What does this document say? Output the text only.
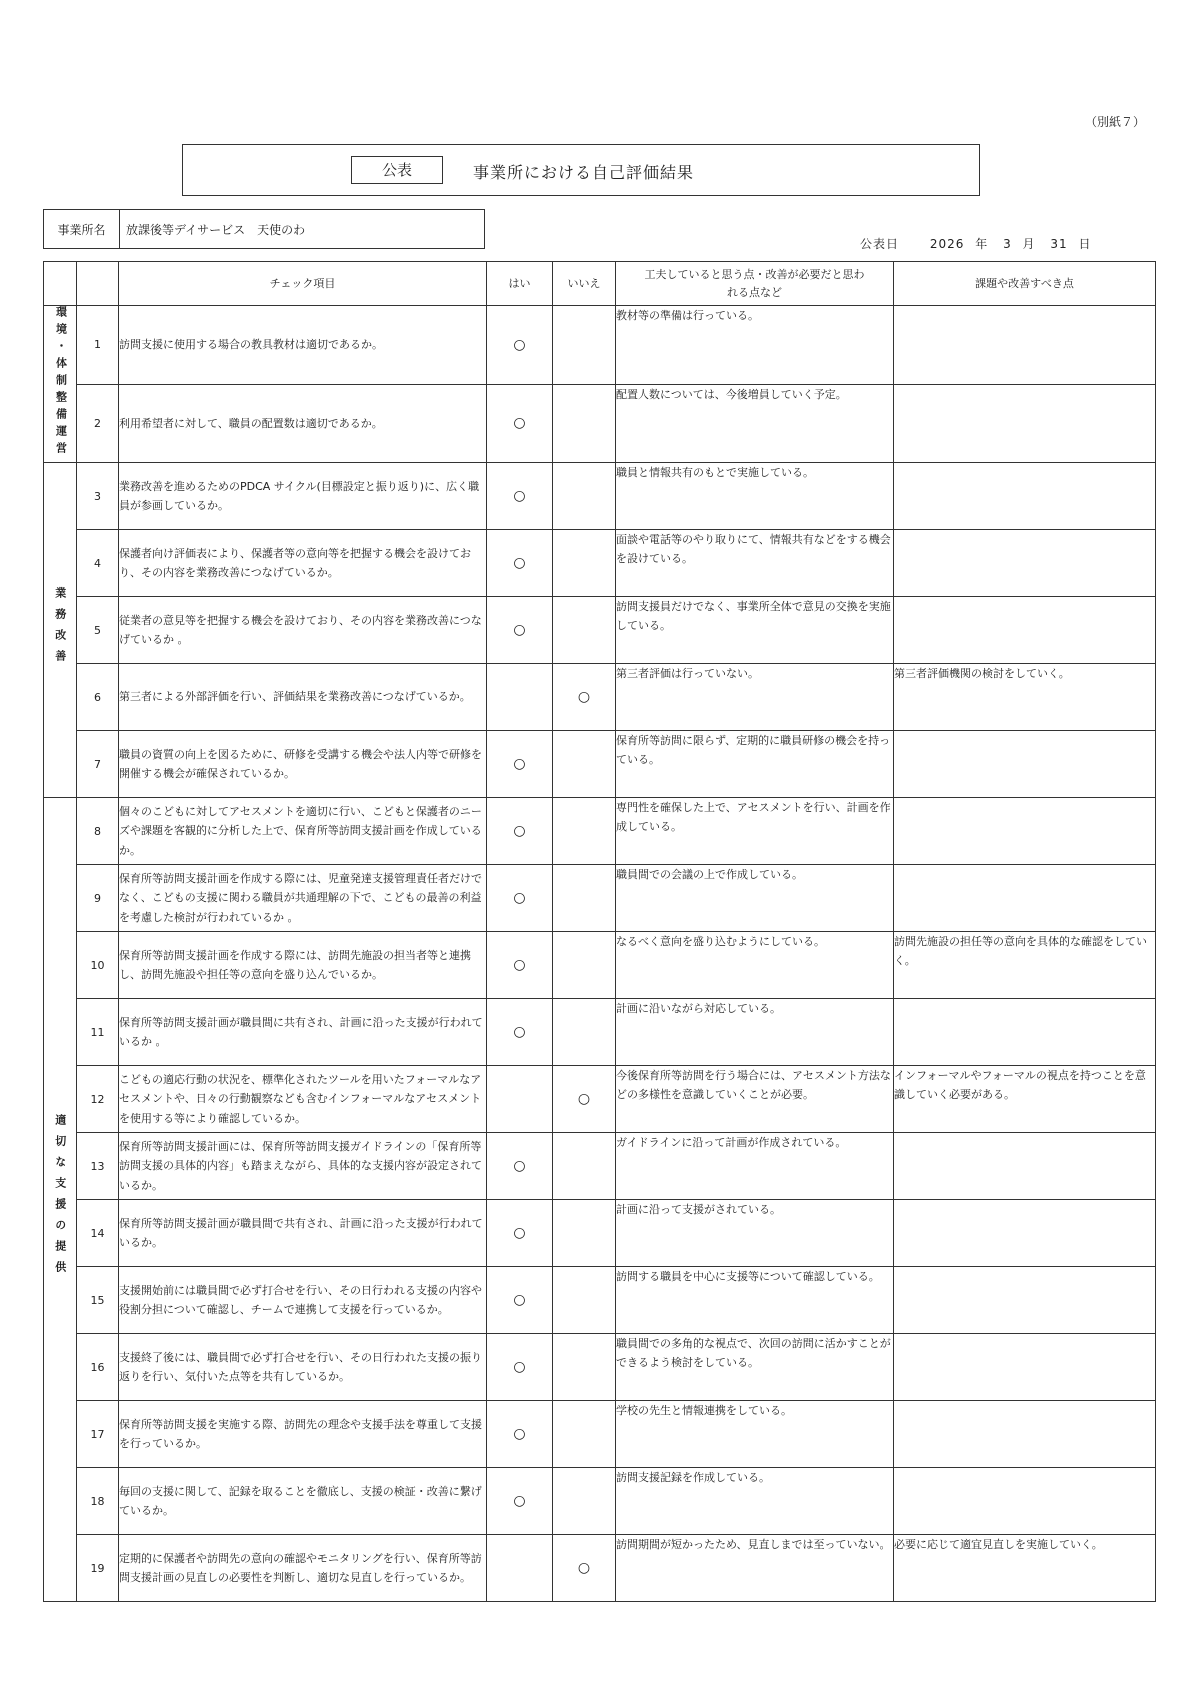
（別紙７）
公表	事業所における自己評価結果
事業所名	放課後等デイサービス　天使のわ
公表日	2026 年 3 月 31 日
		チェック項目	はい	いいえ	工夫していると思う点・改善が必要だと思われる点など	課題や改善すべき点
環境・体制整備運営	1	訪問支援に使用する場合の教具教材は適切であるか。	○		教材等の準備は行っている。	
	2	利用希望者に対して、職員の配置数は適切であるか。	○		配置人数については、今後増員していく予定。	
業務改善	3	業務改善を進めるためのPDCA サイクル(目標設定と振り返り)に、広く職員が参画しているか。	○		職員と情報共有のもとで実施している。	
	4	保護者向け評価表により、保護者等の意向等を把握する機会を設けており、その内容を業務改善につなげているか。	○		面談や電話等のやり取りにて、情報共有などをする機会を設けている。	
	5	従業者の意見等を把握する機会を設けており、その内容を業務改善につなげているか 。	○		訪問支援員だけでなく、事業所全体で意見の交換を実施している。	
	6	第三者による外部評価を行い、評価結果を業務改善につなげているか。		○	第三者評価は行っていない。	第三者評価機関の検討をしていく。
	7	職員の資質の向上を図るために、研修を受講する機会や法人内等で研修を開催する機会が確保されているか。	○		保育所等訪問に限らず、定期的に職員研修の機会を持っている。	
適切な支援の提供	8	個々のこどもに対してアセスメントを適切に行い、こどもと保護者のニーズや課題を客観的に分析した上で、保育所等訪問支援計画を作成しているか。	○		専門性を確保した上で、アセスメントを行い、計画を作成している。	
	9	保育所等訪問支援計画を作成する際には、児童発達支援管理責任者だけでなく、こどもの支援に関わる職員が共通理解の下で、こどもの最善の利益を考慮した検討が行われているか 。	○		職員間での会議の上で作成している。	
	10	保育所等訪問支援計画を作成する際には、訪問先施設の担当者等と連携し、訪問先施設や担任等の意向を盛り込んでいるか。	○		なるべく意向を盛り込むようにしている。	訪問先施設の担任等の意向を具体的な確認をしていく。
	11	保育所等訪問支援計画が職員間に共有され、計画に沿った支援が行われているか 。	○		計画に沿いながら対応している。	
	12	こどもの適応行動の状況を、標準化されたツールを用いたフォーマルなアセスメントや、日々の行動観察なども含むインフォーマルなアセスメントを使用する等により確認しているか。		○	今後保育所等訪問を行う場合には、アセスメント方法などの多様性を意識していくことが必要。	インフォーマルやフォーマルの視点を持つことを意識していく必要がある。
	13	保育所等訪問支援計画には、保育所等訪問支援ガイドラインの「保育所等訪問支援の具体的内容」も踏まえながら、具体的な支援内容が設定されているか。	○		ガイドラインに沿って計画が作成されている。	
	14	保育所等訪問支援計画が職員間で共有され、計画に沿った支援が行われているか。	○		計画に沿って支援がされている。	
	15	支援開始前には職員間で必ず打合せを行い、その日行われる支援の内容や役割分担について確認し、チームで連携して支援を行っているか。	○		訪問する職員を中心に支援等について確認している。	
	16	支援終了後には、職員間で必ず打合せを行い、その日行われた支援の振り返りを行い、気付いた点等を共有しているか。	○		職員間での多角的な視点で、次回の訪問に活かすことができるよう検討をしている。	
	17	保育所等訪問支援を実施する際、訪問先の理念や支援手法を尊重して支援を行っているか。	○		学校の先生と情報連携をしている。	
	18	毎回の支援に関して、記録を取ることを徹底し、支援の検証・改善に繋げているか。	○		訪問支援記録を作成している。	
	19	定期的に保護者や訪問先の意向の確認やモニタリングを行い、保育所等訪問支援計画の見直しの必要性を判断し、適切な見直しを行っているか。		○	訪問期間が短かったため、見直しまでは至っていない。	必要に応じて適宜見直しを実施していく。
